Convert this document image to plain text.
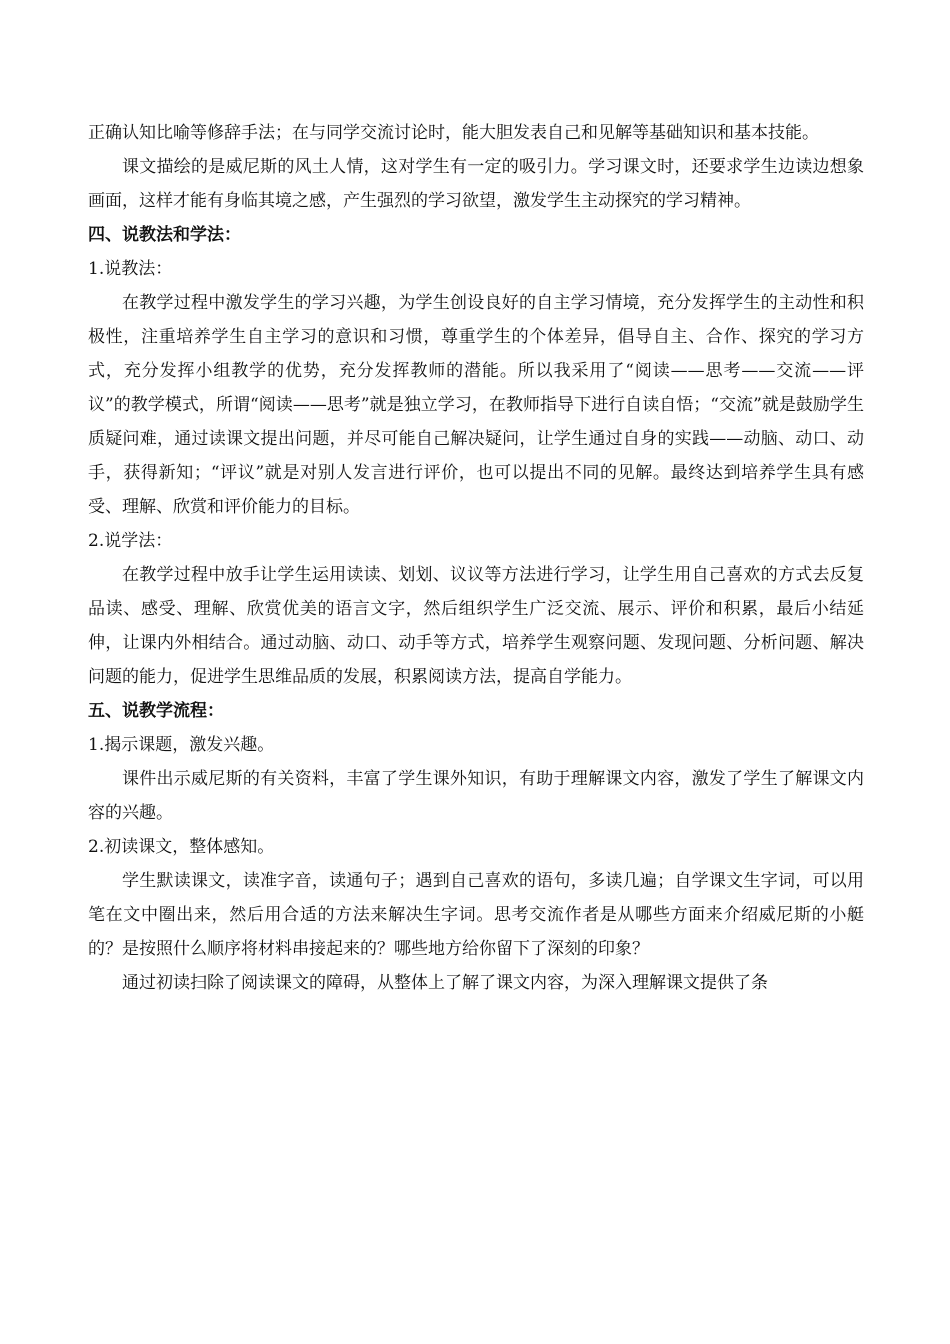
正确认知比喻等修辞手法；在与同学交流讨论时，能大胆发表自己和见解等基础知识和基本技能。

课文描绘的是威尼斯的风土人情，这对学生有一定的吸引力。学习课文时，还要求学生边读边想象画面，这样才能有身临其境之感，产生强烈的学习欲望，激发学生主动探究的学习精神。

四、说教法和学法：

1.说教法：

在教学过程中激发学生的学习兴趣，为学生创设良好的自主学习情境，充分发挥学生的主动性和积极性，注重培养学生自主学习的意识和习惯，尊重学生的个体差异，倡导自主、合作、探究的学习方式，充分发挥小组教学的优势，充分发挥教师的潜能。所以我采用了“阅读——思考——交流——评议”的教学模式，所谓“阅读——思考”就是独立学习，在教师指导下进行自读自悟；“交流”就是鼓励学生质疑问难，通过读课文提出问题，并尽可能自己解决疑问，让学生通过自身的实践——动脑、动口、动手，获得新知；“评议”就是对别人发言进行评价，也可以提出不同的见解。最终达到培养学生具有感受、理解、欣赏和评价能力的目标。

2.说学法：

在教学过程中放手让学生运用读读、划划、议议等方法进行学习，让学生用自己喜欢的方式去反复品读、感受、理解、欣赏优美的语言文字，然后组织学生广泛交流、展示、评价和积累，最后小结延伸，让课内外相结合。通过动脑、动口、动手等方式，培养学生观察问题、发现问题、分析问题、解决问题的能力，促进学生思维品质的发展，积累阅读方法，提高自学能力。

五、说教学流程：

1.揭示课题，激发兴趣。

课件出示威尼斯的有关资料，丰富了学生课外知识，有助于理解课文内容，激发了学生了解课文内容的兴趣。

2.初读课文，整体感知。

学生默读课文，读准字音，读通句子；遇到自己喜欢的语句，多读几遍；自学课文生字词，可以用笔在文中圈出来，然后用合适的方法来解决生字词。思考交流作者是从哪些方面来介绍威尼斯的小艇的？是按照什么顺序将材料串接起来的？哪些地方给你留下了深刻的印象？

通过初读扫除了阅读课文的障碍，从整体上了解了课文内容，为深入理解课文提供了条
